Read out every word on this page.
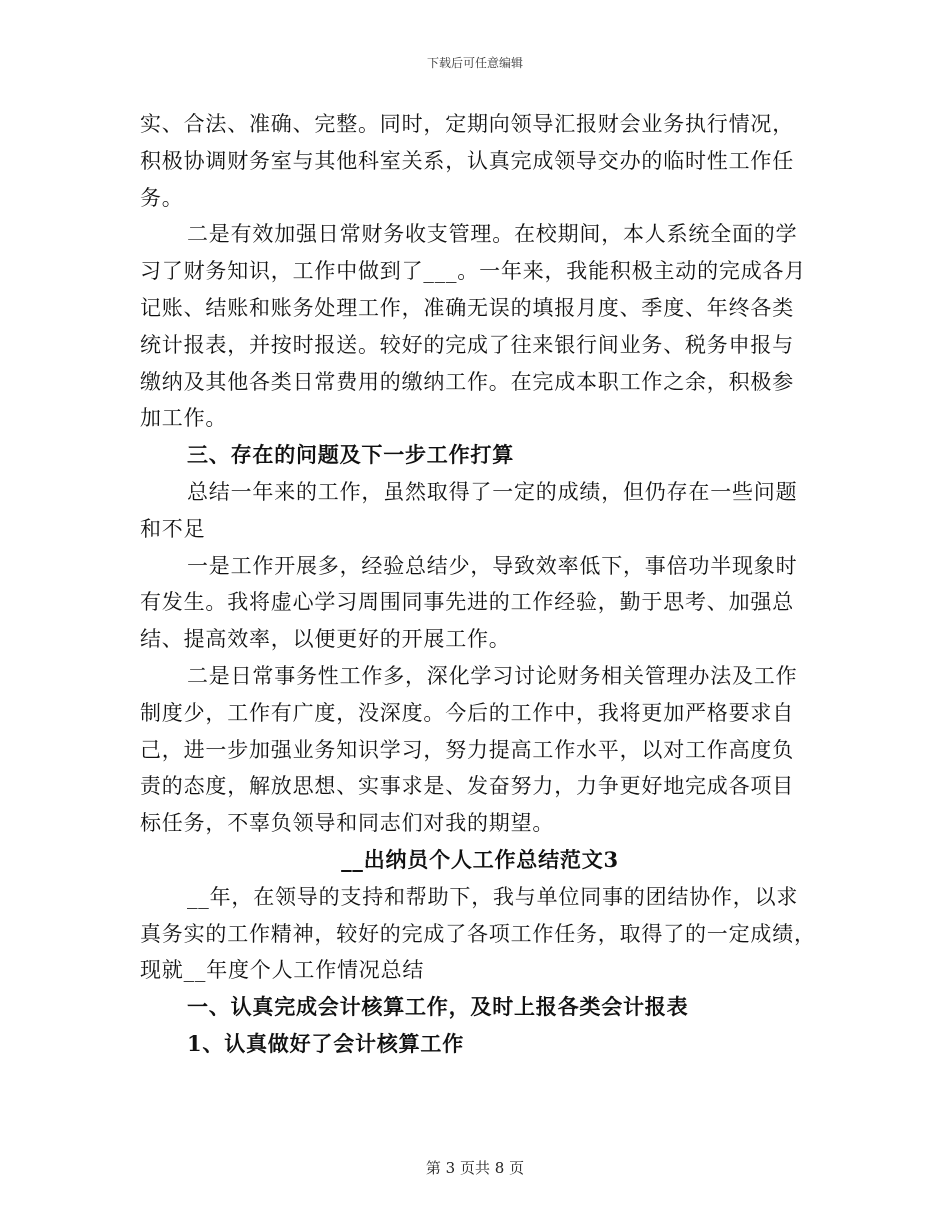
下载后可任意编辑
实、合法、准确、完整。同时，定期向领导汇报财会业务执行情况，
积极协调财务室与其他科室关系，认真完成领导交办的临时性工作任
务。
二是有效加强日常财务收支管理。在校期间，本人系统全面的学
习了财务知识，工作中做到了___。一年来，我能积极主动的完成各月
记账、结账和账务处理工作，准确无误的填报月度、季度、年终各类
统计报表，并按时报送。较好的完成了往来银行间业务、税务申报与
缴纳及其他各类日常费用的缴纳工作。在完成本职工作之余，积极参
加工作。
三、存在的问题及下一步工作打算
总结一年来的工作，虽然取得了一定的成绩，但仍存在一些问题
和不足
一是工作开展多，经验总结少，导致效率低下，事倍功半现象时
有发生。我将虚心学习周围同事先进的工作经验，勤于思考、加强总
结、提高效率，以便更好的开展工作。
二是日常事务性工作多，深化学习讨论财务相关管理办法及工作
制度少，工作有广度，没深度。今后的工作中，我将更加严格要求自
己，进一步加强业务知识学习，努力提高工作水平，以对工作高度负
责的态度，解放思想、实事求是、发奋努力，力争更好地完成各项目
标任务，不辜负领导和同志们对我的期望。
__出纳员个人工作总结范文3
__年，在领导的支持和帮助下，我与单位同事的团结协作，以求
真务实的工作精神，较好的完成了各项工作任务，取得了的一定成绩，
现就__年度个人工作情况总结
一、认真完成会计核算工作，及时上报各类会计报表
1、认真做好了会计核算工作
第 3 页共 8 页
